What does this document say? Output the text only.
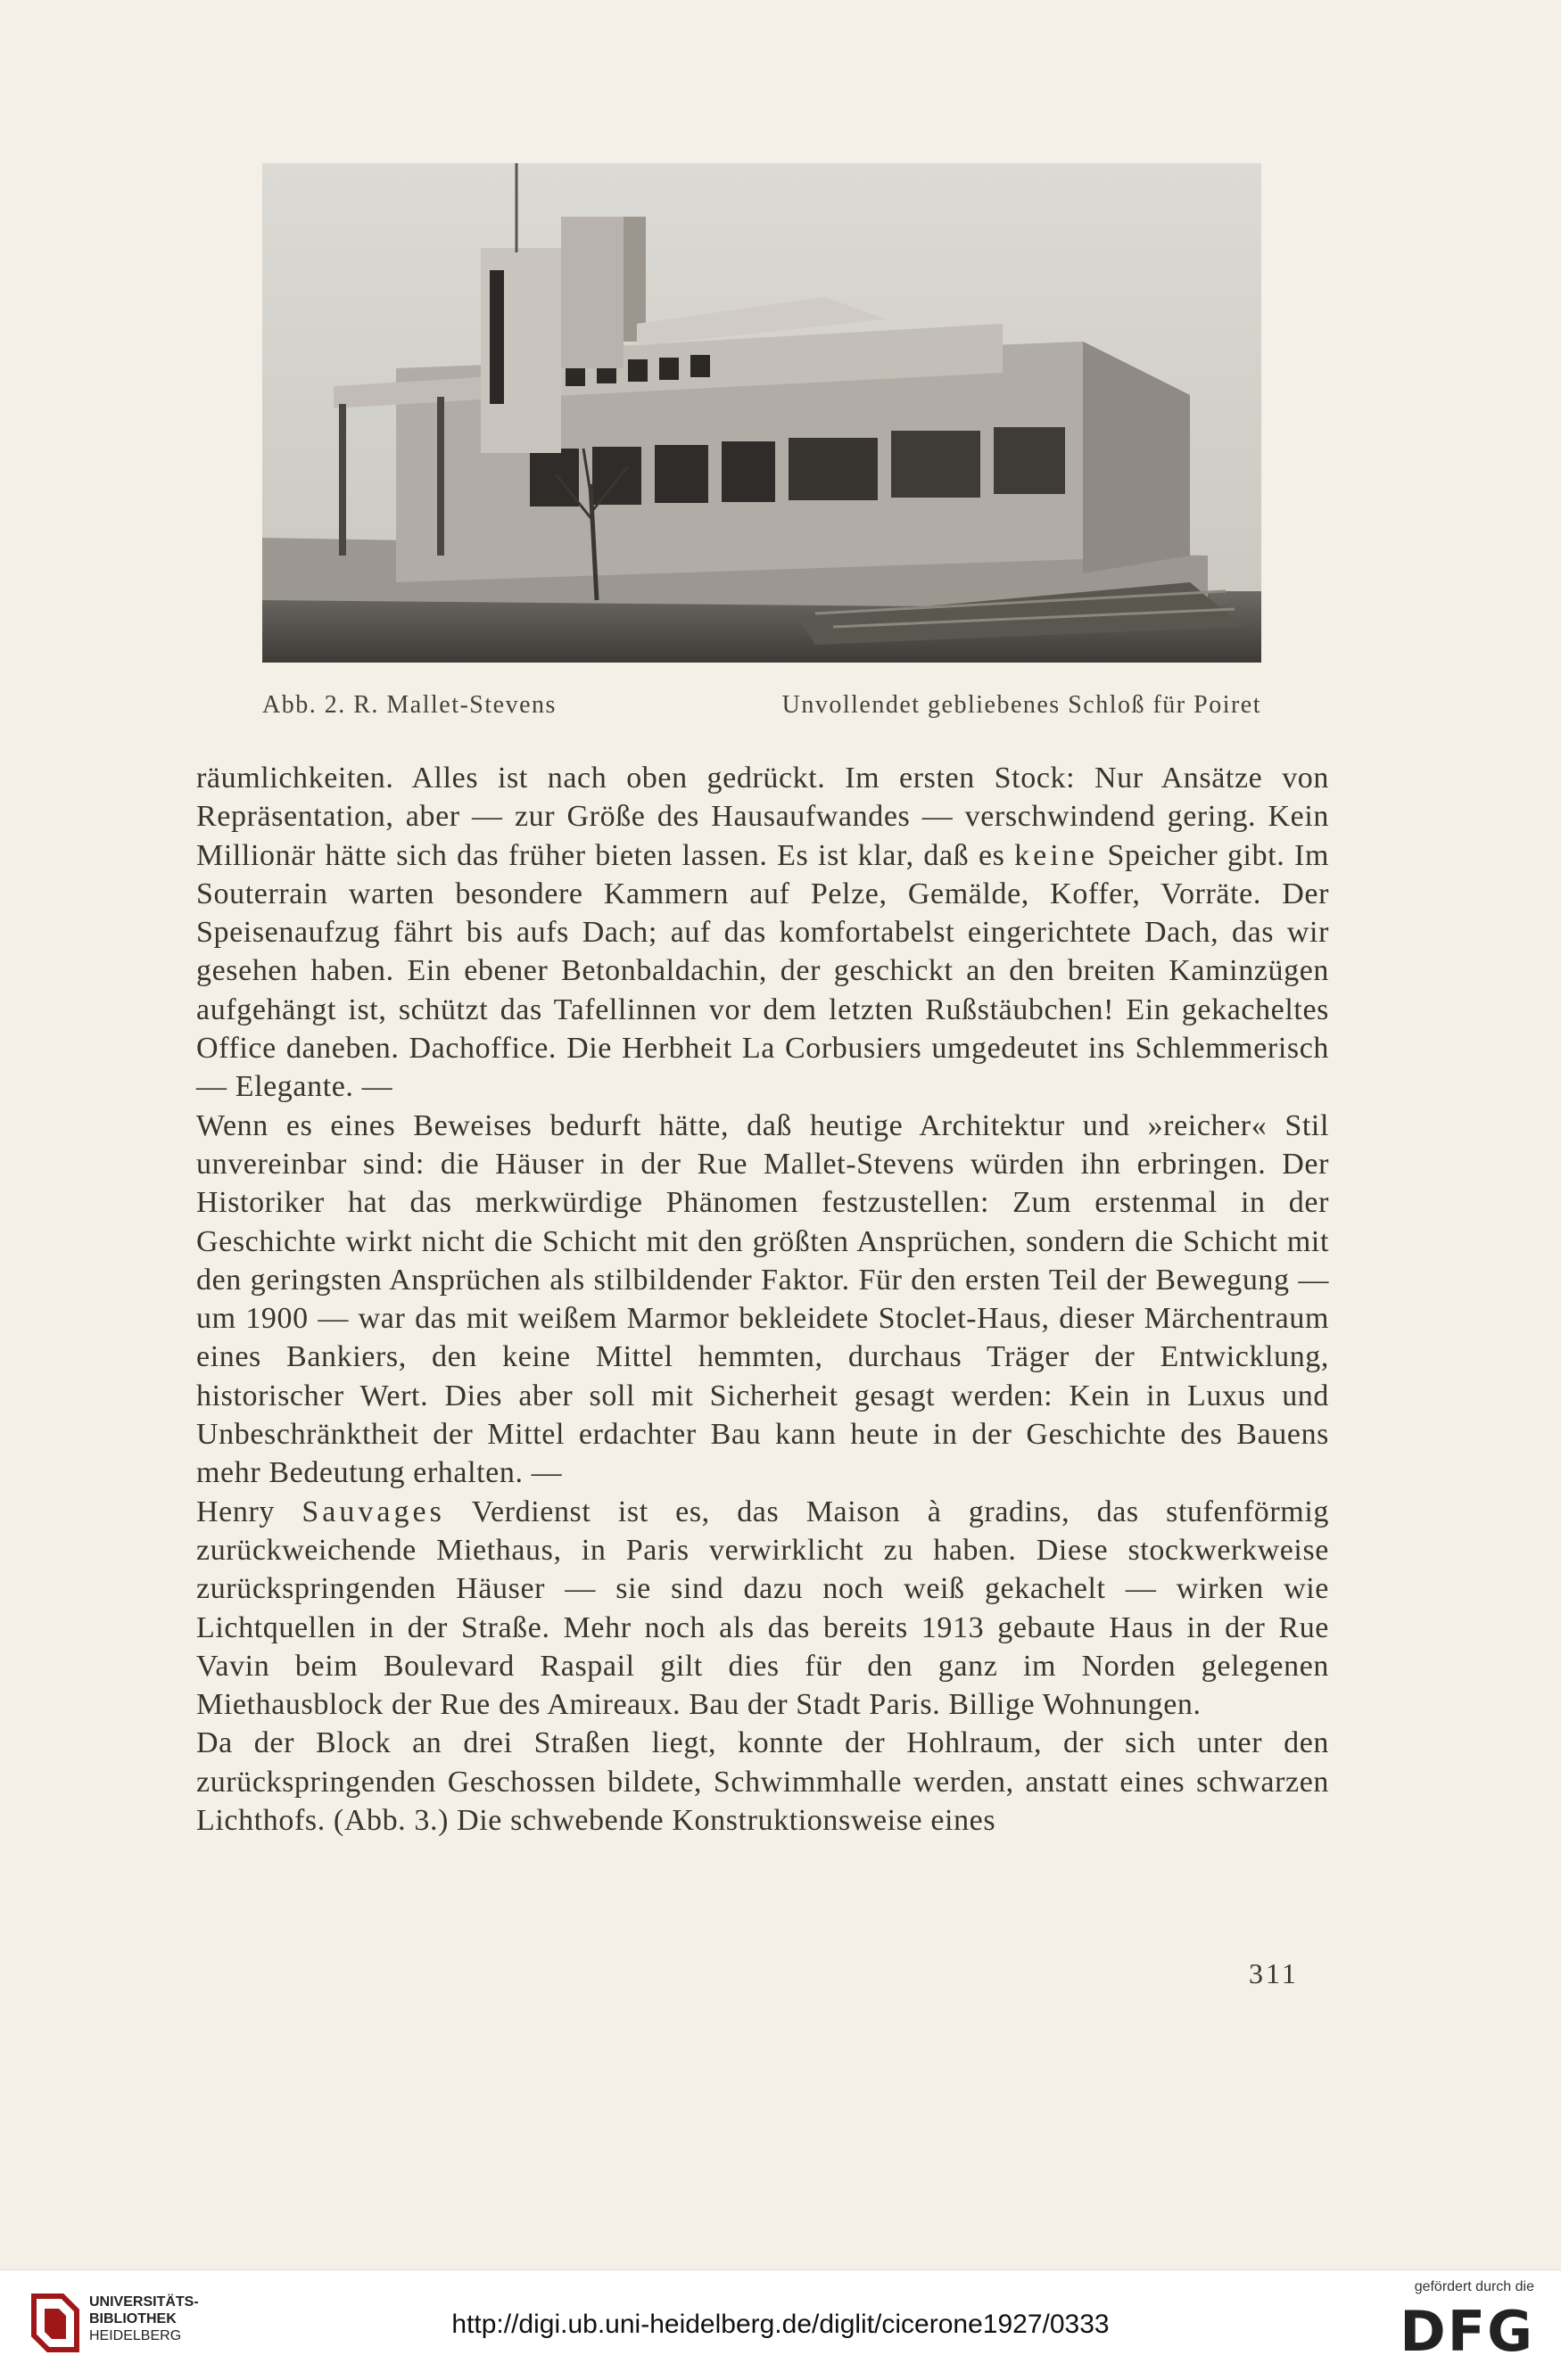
Abb. 2. R. Mallet-Stevens	Unvollendet gebliebenes Schloß für Poiret

räumlichkeiten. Alles ist nach oben gedrückt. Im ersten Stock: Nur Ansätze von Repräsentation, aber — zur Größe des Hausaufwandes — verschwindend gering. Kein Millionär hätte sich das früher bieten lassen. Es ist klar, daß es keine Speicher gibt. Im Souterrain warten besondere Kammern auf Pelze, Gemälde, Koffer, Vorräte. Der Speisenaufzug fährt bis aufs Dach; auf das komfortabelst eingerichtete Dach, das wir gesehen haben. Ein ebener Betonbaldachin, der geschickt an den breiten Kaminzügen aufgehängt ist, schützt das Tafellinnen vor dem letzten Rußstäubchen! Ein gekacheltes Office daneben. Dachoffice. Die Herbheit La Corbusiers umgedeutet ins Schlemmerisch — Elegante. —

Wenn es eines Beweises bedurft hätte, daß heutige Architektur und »reicher« Stil unvereinbar sind: die Häuser in der Rue Mallet-Stevens würden ihn erbringen. Der Historiker hat das merkwürdige Phänomen festzustellen: Zum erstenmal in der Geschichte wirkt nicht die Schicht mit den größten Ansprüchen, sondern die Schicht mit den geringsten Ansprüchen als stilbildender Faktor. Für den ersten Teil der Bewegung — um 1900 — war das mit weißem Marmor bekleidete Stoclet-Haus, dieser Märchentraum eines Bankiers, den keine Mittel hemmten, durchaus Träger der Entwicklung, historischer Wert. Dies aber soll mit Sicherheit gesagt werden: Kein in Luxus und Unbeschränktheit der Mittel erdachter Bau kann heute in der Geschichte des Bauens mehr Bedeutung erhalten. —

Henry Sauvages Verdienst ist es, das Maison à gradins, das stufenförmig zurückweichende Miethaus, in Paris verwirklicht zu haben. Diese stockwerkweise zurückspringenden Häuser — sie sind dazu noch weiß gekachelt — wirken wie Lichtquellen in der Straße. Mehr noch als das bereits 1913 gebaute Haus in der Rue Vavin beim Boulevard Raspail gilt dies für den ganz im Norden gelegenen Miethausblock der Rue des Amireaux. Bau der Stadt Paris. Billige Wohnungen.

Da der Block an drei Straßen liegt, konnte der Hohlraum, der sich unter den zurückspringenden Geschossen bildete, Schwimmhalle werden, anstatt eines schwarzen Lichthofs. (Abb. 3.) Die schwebende Konstruktionsweise eines

311
UNIVERSITÄTS-
BIBLIOTHEK
HEIDELBERG	http://digi.ub.uni-heidelberg.de/diglit/cicerone1927/0333
gefördert durch die
DFG
